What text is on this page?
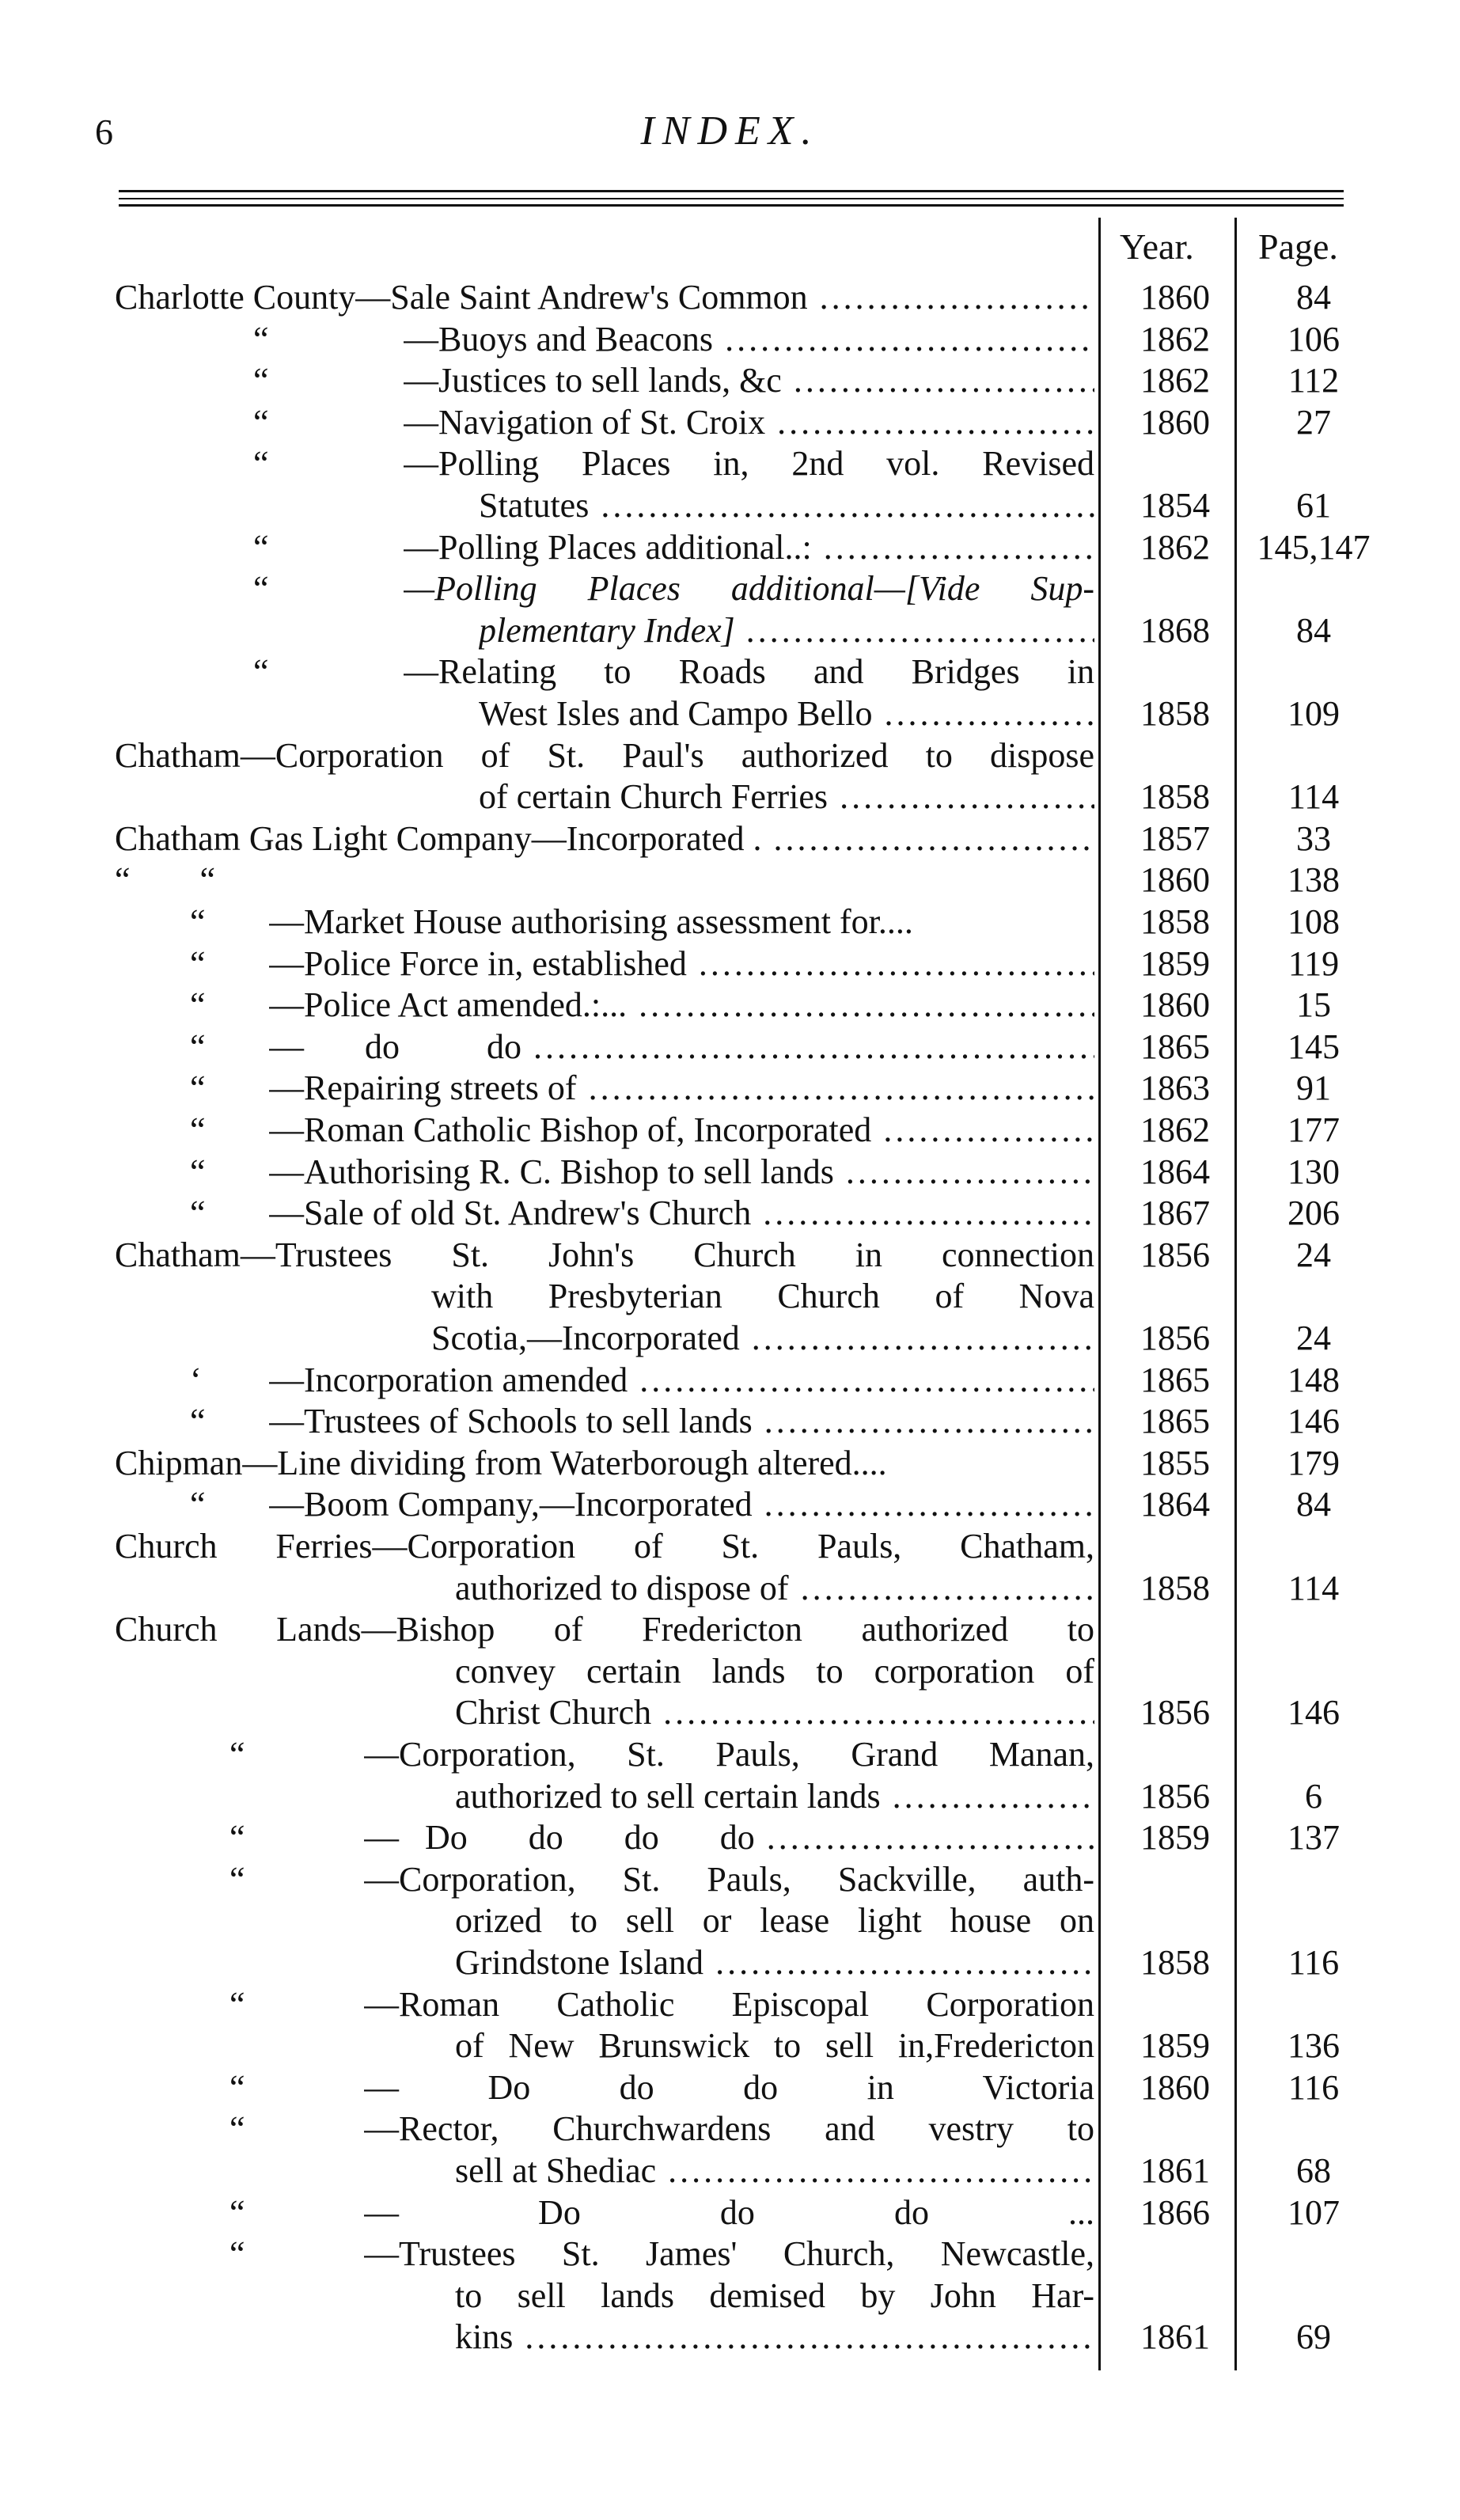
6	INDEX.
Year. Page.
Charlotte County—Sale Saint Andrew's Common .....	1860	84
“	—Buoys and Beacons .....	1862	106
“	—Justices to sell lands, &c .....	1862	112
“	—Navigation of St. Croix .....	1860	27
“	—Polling Places in, 2nd vol. Revised
Statutes .....	1854	61
“	—Polling Places additional..: .....	1862	145,147
“	—Polling Places additional—[Vide Sup-
plementary Index] .....	1868	84
“	—Relating to Roads and Bridges in
West Isles and Campo Bello .....	1858	109
Chatham—Corporation of St. Paul's authorized to dispose
of certain Church Ferries .....	1858	114
Chatham Gas Light Company—Incorporated . .....	1857	33
“        “	1860	138
“ —Market House authorising assessment for....	1858	108
“ —Police Force in, established .....	1859	119
“ —Police Act amended.:... .....	1860	15
“ —       do          do .....	1865	145
“ —Repairing streets of .....	1863	91
“ —Roman Catholic Bishop of, Incorporated .....	1862	177
“ —Authorising R. C. Bishop to sell lands .....	1864	130
“ —Sale of old St. Andrew's Church .....	1867	206
Chatham—Trustees St. John's Church in connection	1856	24
with Presbyterian Church of Nova
Scotia,—Incorporated .....	1856	24
‘ —Incorporation amended .....	1865	148
“ —Trustees of Schools to sell lands .....	1865	146
Chipman—Line dividing from Waterborough altered....	1855	179
“ —Boom Company,—Incorporated .....	1864	84
Church Ferries—Corporation of St. Pauls, Chatham,
authorized to dispose of .....	1858	114
Church Lands—Bishop of Fredericton authorized to
convey certain lands to corporation of
Christ Church .....	1856	146
“	—Corporation, St. Pauls, Grand Manan,
authorized to sell certain lands .....	1856	6
“	—   Do       do       do       do .....	1859	137
“	—Corporation, St. Pauls, Sackville, auth-
orized to sell or lease light house on
Grindstone Island .....	1858	116
“	—Roman Catholic Episcopal Corporation
of New Brunswick to sell in,Fredericton	1859	136
“	— Do do do in Victoria	1860	116
“	—Rector, Churchwardens and vestry to
sell at Shediac .....	1861	68
“	— Do do do ...	1866	107
“	—Trustees St. James' Church, Newcastle,
to sell lands demised by John Har-
kins .....	1861	69
